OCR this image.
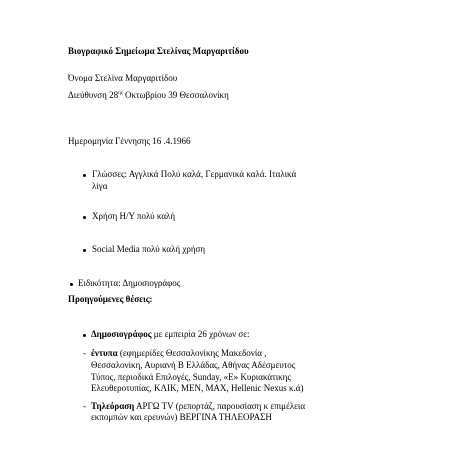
Βιογραφικό Σημείωμα Στελίνας Μαργαριτίδου
Όνομα Στελίνα Μαργαριτίδου
Διεύθυνση $28^{\eta\varsigma}$ Οκτωβρίου 39 Θεσσαλονίκη
Ημερομηνία Γέννησης 16 .4.1966
Γλώσσες: Αγγλικά Πολύ καλά, Γερμανικά καλά. Ιταλικά
λίγα
Χρήση Η/Υ πολύ καλή
Social Media πολύ καλή χρήση
Ειδικότητα: Δημοσιογράφος
Προηγούμενες θέσεις:
Δημοσιογράφος με εμπειρία 26 χρόνων σε:
- έντυπα (εφημερίδες Θεσσαλονίκης Μακεδονία ,
Θεσσαλονίκη, Αυριανή Β Ελλάδας, Αθήνας Αδέσμευτος
Τύπος, περιοδικά Επιλογές, Sunday, «Ε» Κυριακάτικης
Ελευθεροτυπίας, ΚΛΙΚ, ΜΕΝ, ΜΑΧ, Hellenic Nexus κ.ά)
- Τηλεόραση ΑΡΓΩ TV (ρεπορτάζ, παρουσίαση κ επιμέλεια
εκπομπών και ερευνών) ΒΕΡΓΙΝΑ ΤΗΛΕΟΡΑΣΗ
